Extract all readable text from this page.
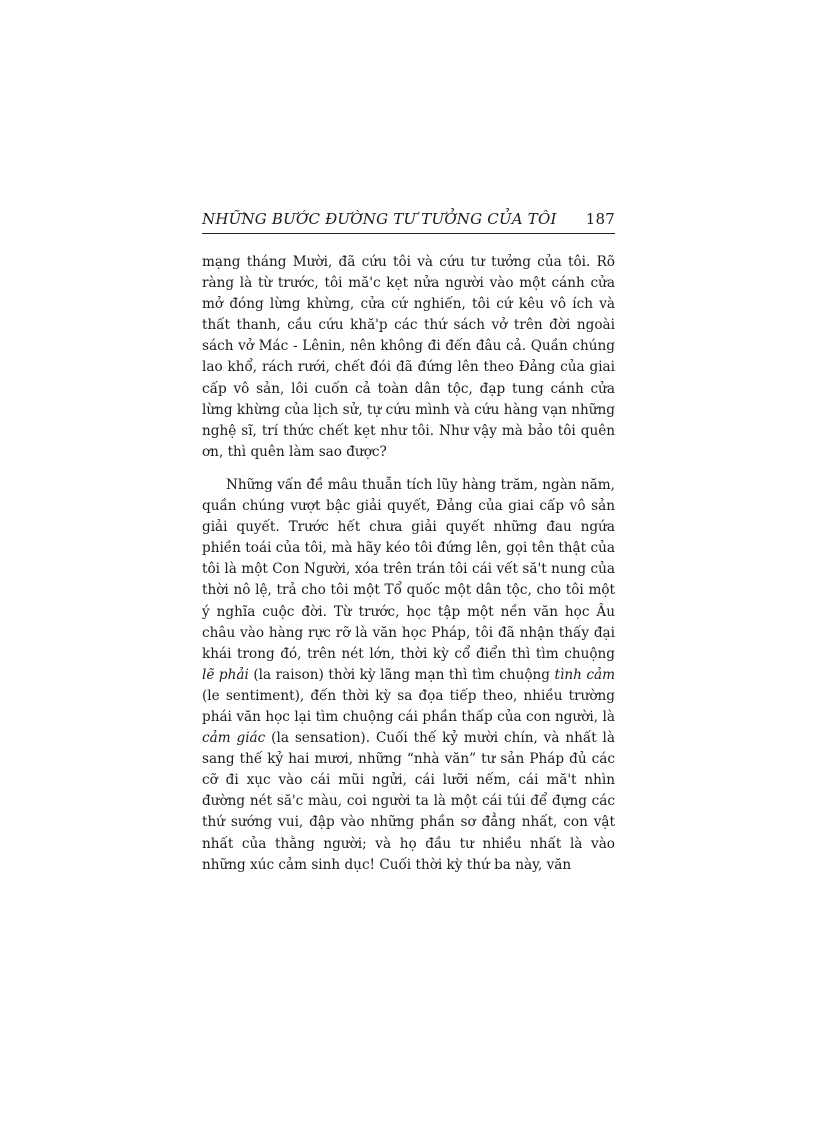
NHỮNG BƯỚC ĐƯỜNG TƯ TƯỞNG CỦA TÔI 187

mạng tháng Mười, đã cứu tôi và cứu tư tưởng của tôi. Rõ ràng là từ trước, tôi mă'c kẹt nửa người vào một cánh cửa mở đóng lừng khừng, cửa cứ nghiến, tôi cứ kêu vô ích và thất thanh, cầu cứu khă'p các thứ sách vở trên đời ngoài sách vở Mác - Lênin, nên không đi đến đâu cả. Quần chúng lao khổ, rách rưới, chết đói đã đứng lên theo Đảng của giai cấp vô sản, lôi cuốn cả toàn dân tộc, đạp tung cánh cửa lừng khừng của lịch sử, tự cứu mình và cứu hàng vạn những nghệ sĩ, trí thức chết kẹt như tôi. Như vậy mà bảo tôi quên ơn, thì quên làm sao được?

Những vấn đề mâu thuẫn tích lũy hàng trăm, ngàn năm, quần chúng vượt bậc giải quyết, Đảng của giai cấp vô sản giải quyết. Trước hết chưa giải quyết những đau ngứa phiền toái của tôi, mà hãy kéo tôi đứng lên, gọi tên thật của tôi là một Con Người, xóa trên trán tôi cái vết să't nung của thời nô lệ, trả cho tôi một Tổ quốc một dân tộc, cho tôi một ý nghĩa cuộc đời. Từ trước, học tập một nền văn học Âu châu vào hàng rực rỡ là văn học Pháp, tôi đã nhận thấy đại khái trong đó, trên nét lớn, thời kỳ cổ điển thì tìm chuộng lẽ phải (la raison) thời kỳ lãng mạn thì tìm chuộng tình cảm (le sentiment), đến thời kỳ sa đọa tiếp theo, nhiều trường phái văn học lại tìm chuộng cái phần thấp của con người, là cảm giác (la sensation). Cuối thế kỷ mười chín, và nhất là sang thế kỷ hai mươi, những “nhà văn” tư sản Pháp đủ các cỡ đi xục vào cái mũi ngửi, cái lưỡi nếm, cái mă't nhìn đường nét să'c màu, coi người ta là một cái túi để đựng các thứ sướng vui, đập vào những phần sơ đẳng nhất, con vật nhất của thằng người; và họ đầu tư nhiều nhất là vào những xúc cảm sinh dục! Cuối thời kỳ thứ ba này, văn
